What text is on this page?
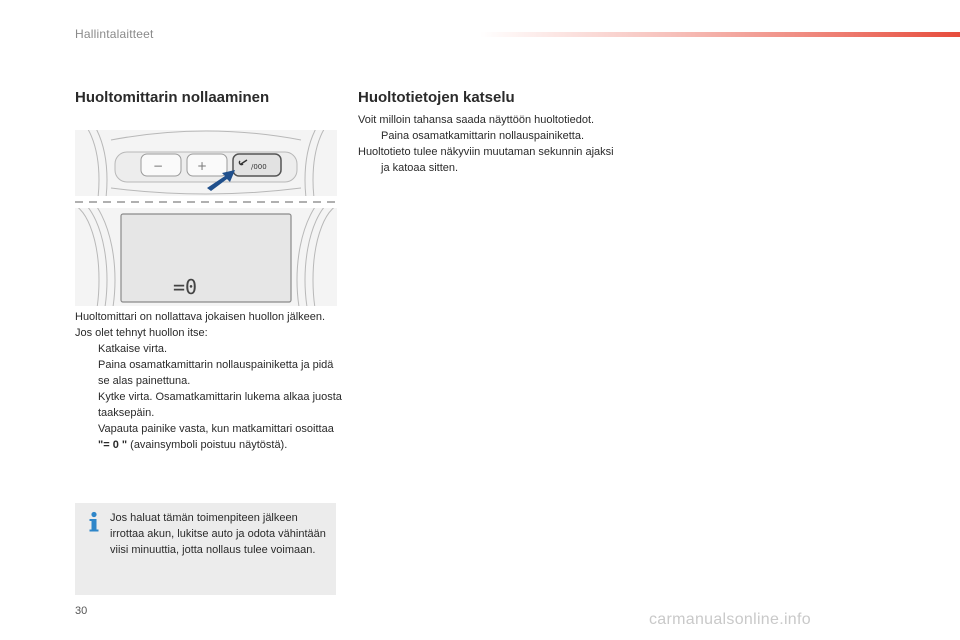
Hallintalaitteet
Huoltomittarin nollaaminen	Huoltotietojen katselu
−	+	/000
=0

Huoltomittari on nollattava jokaisen huollon jälkeen.

Jos olet tehnyt huollon itse:

Katkaise virta.
Paina osamatkamittarin nollauspainiketta ja pidä se alas painettuna.
Kytke virta. Osamatkamittarin lukema alkaa juosta taaksepäin.
Vapauta painike vasta, kun matkamittari osoittaa "= 0 " (avainsymboli poistuu näytöstä).
Jos haluat tämän toimenpiteen jälkeen irrottaa akun, lukitse auto ja odota vähintään viisi minuuttia, jotta nollaus tulee voimaan.

Voit milloin tahansa saada näyttöön huoltotiedot.

Paina osamatkamittarin nollauspainiketta.

Huoltotieto tulee näkyviin muutaman sekunnin ajaksi ja katoaa sitten.

30	carmanualsonline.info
